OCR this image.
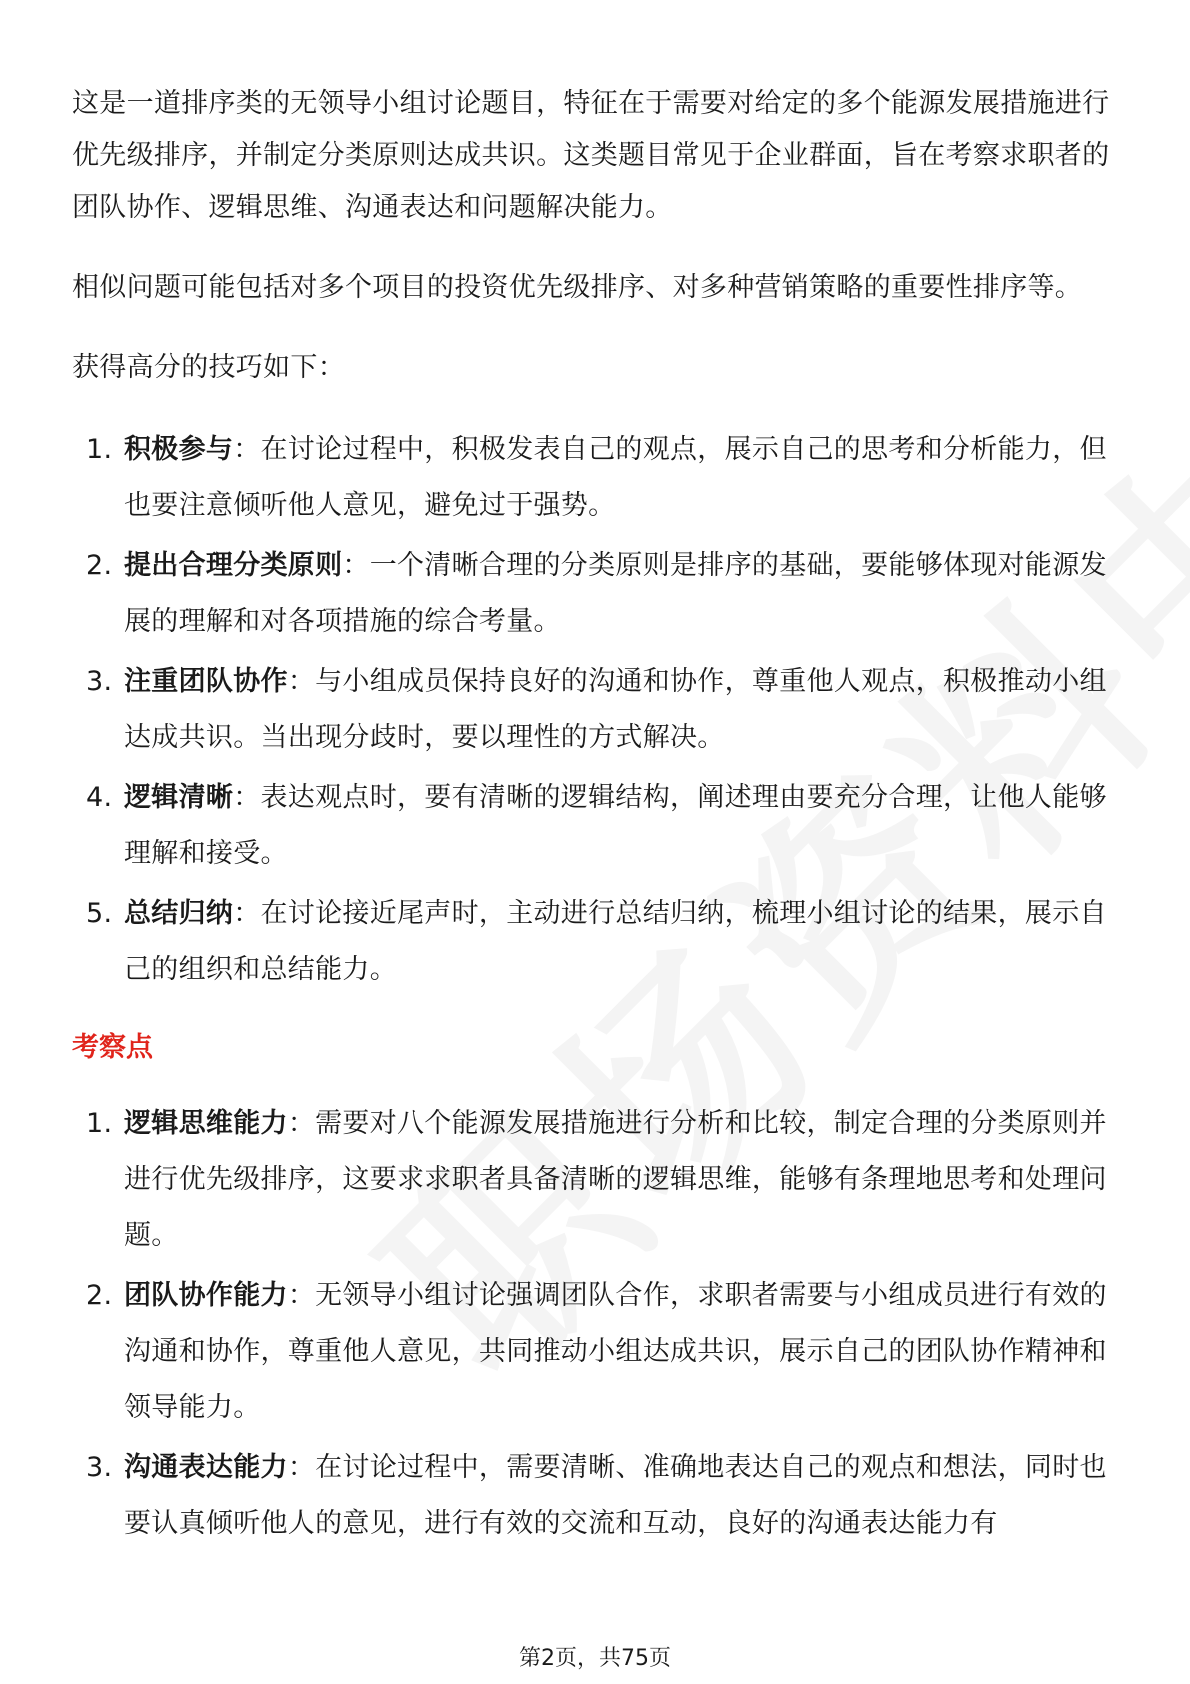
这是一道排序类的无领导小组讨论题目，特征在于需要对给定的多个能源发展措施进行优先级排序，并制定分类原则达成共识。这类题目常见于企业群面，旨在考察求职者的团队协作、逻辑思维、沟通表达和问题解决能力。

相似问题可能包括对多个项目的投资优先级排序、对多种营销策略的重要性排序等。

获得高分的技巧如下：

1. 积极参与：在讨论过程中，积极发表自己的观点，展示自己的思考和分析能力，但也要注意倾听他人意见，避免过于强势。
2. 提出合理分类原则：一个清晰合理的分类原则是排序的基础，要能够体现对能源发展的理解和对各项措施的综合考量。
3. 注重团队协作：与小组成员保持良好的沟通和协作，尊重他人观点，积极推动小组达成共识。当出现分歧时，要以理性的方式解决。
4. 逻辑清晰：表达观点时，要有清晰的逻辑结构，阐述理由要充分合理，让他人能够理解和接受。
5. 总结归纳：在讨论接近尾声时，主动进行总结归纳，梳理小组讨论的结果，展示自己的组织和总结能力。
考察点
1. 逻辑思维能力：需要对八个能源发展措施进行分析和比较，制定合理的分类原则并进行优先级排序，这要求求职者具备清晰的逻辑思维，能够有条理地思考和处理问题。
2. 团队协作能力：无领导小组讨论强调团队合作，求职者需要与小组成员进行有效的沟通和协作，尊重他人意见，共同推动小组达成共识，展示自己的团队协作精神和领导能力。
3. 沟通表达能力：在讨论过程中，需要清晰、准确地表达自己的观点和想法，同时也要认真倾听他人的意见，进行有效的交流和互动，良好的沟通表达能力有
第2页，共75页
